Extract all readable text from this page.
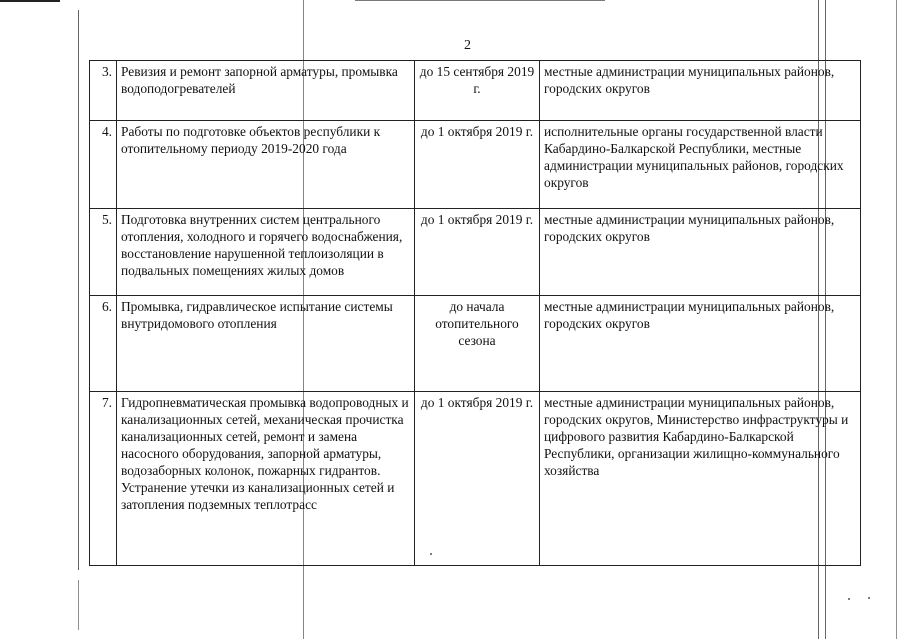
2
3.	Ревизия и ремонт запорной арматуры, промывка водоподогревателей	до 15 сентября 2019 г.	местные администрации муниципальных районов, городских округов
4.	Работы по подготовке объектов республики к отопительному периоду 2019-2020 года	до 1 октября 2019 г.	исполнительные органы государственной власти Кабардино-Балкарской Республики, местные администрации муниципальных районов, городских округов
5.	Подготовка внутренних систем центрального отопления, холодного и горячего водоснабжения, восстановление нарушенной теплоизоляции в подвальных помещениях жилых домов	до 1 октября 2019 г.	местные администрации муниципальных районов, городских округов
6.	Промывка, гидравлическое испытание системы внутридомового отопления	до начала отопительного сезона	местные администрации муниципальных районов, городских округов
7.	Гидропневматическая промывка водопроводных и канализационных сетей, механическая прочистка канализационных сетей, ремонт и замена насосного оборудования, запорной арматуры, водозаборных колонок, пожарных гидрантов. Устранение утечки из канализационных сетей и затопления подземных теплотрасс	до 1 октября 2019 г.	местные администрации муниципальных районов, городских округов, Министерство инфраструктуры и цифрового развития Кабардино-Балкарской Республики, организации жилищно-коммунального хозяйства
